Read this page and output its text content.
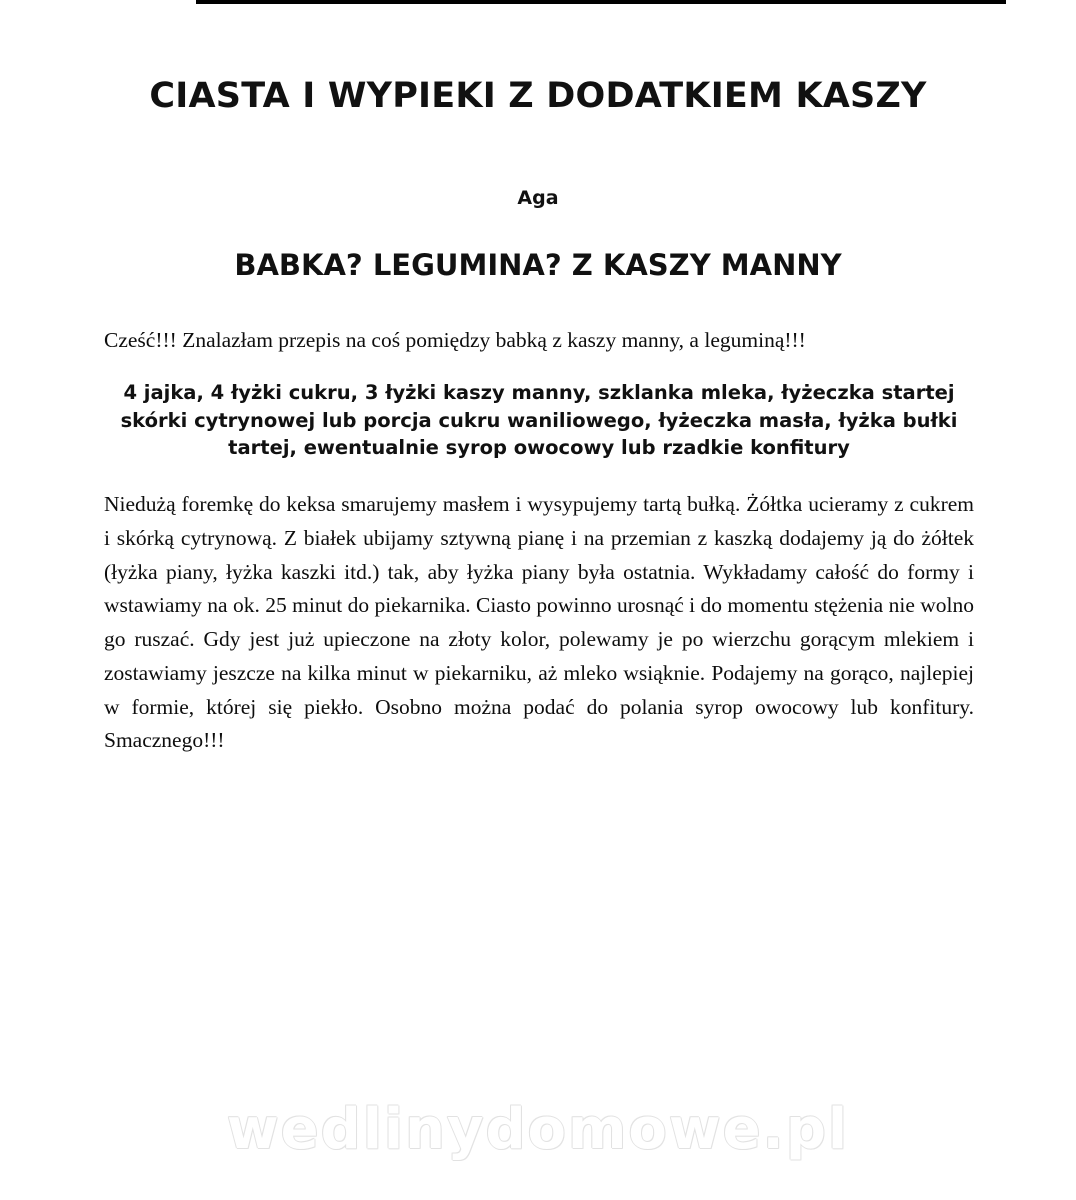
CIASTA I WYPIEKI Z DODATKIEM KASZY

Aga

BABKA? LEGUMINA? Z KASZY MANNY

Cześć!!! Znalazłam przepis na coś pomiędzy babką z kaszy manny, a leguminą!!!

4 jajka, 4 łyżki cukru, 3 łyżki kaszy manny, szklanka mleka, łyżeczka startej skórki cytrynowej lub porcja cukru waniliowego, łyżeczka masła, łyżka bułki tartej, ewentualnie syrop owocowy lub rzadkie konfitury

Niedużą foremkę do keksa smarujemy masłem i wysypujemy tartą bułką. Żółtka ucieramy z cukrem i skórką cytrynową. Z białek ubijamy sztywną pianę i na przemian z kaszką dodajemy ją do żółtek (łyżka piany, łyżka kaszki itd.) tak, aby łyżka piany była ostatnia. Wykładamy całość do formy i wstawiamy na ok. 25 minut do piekarnika. Ciasto powinno urosnąć i do momentu stężenia nie wolno go ruszać. Gdy jest już upieczone na złoty kolor, polewamy je po wierzchu gorącym mlekiem i zostawiamy jeszcze na kilka minut w piekarniku, aż mleko wsiąknie. Podajemy na gorąco, najlepiej w formie, której się piekło. Osobno można podać do polania syrop owocowy lub konfitury. Smacznego!!!

wedlinydomowe.pl
